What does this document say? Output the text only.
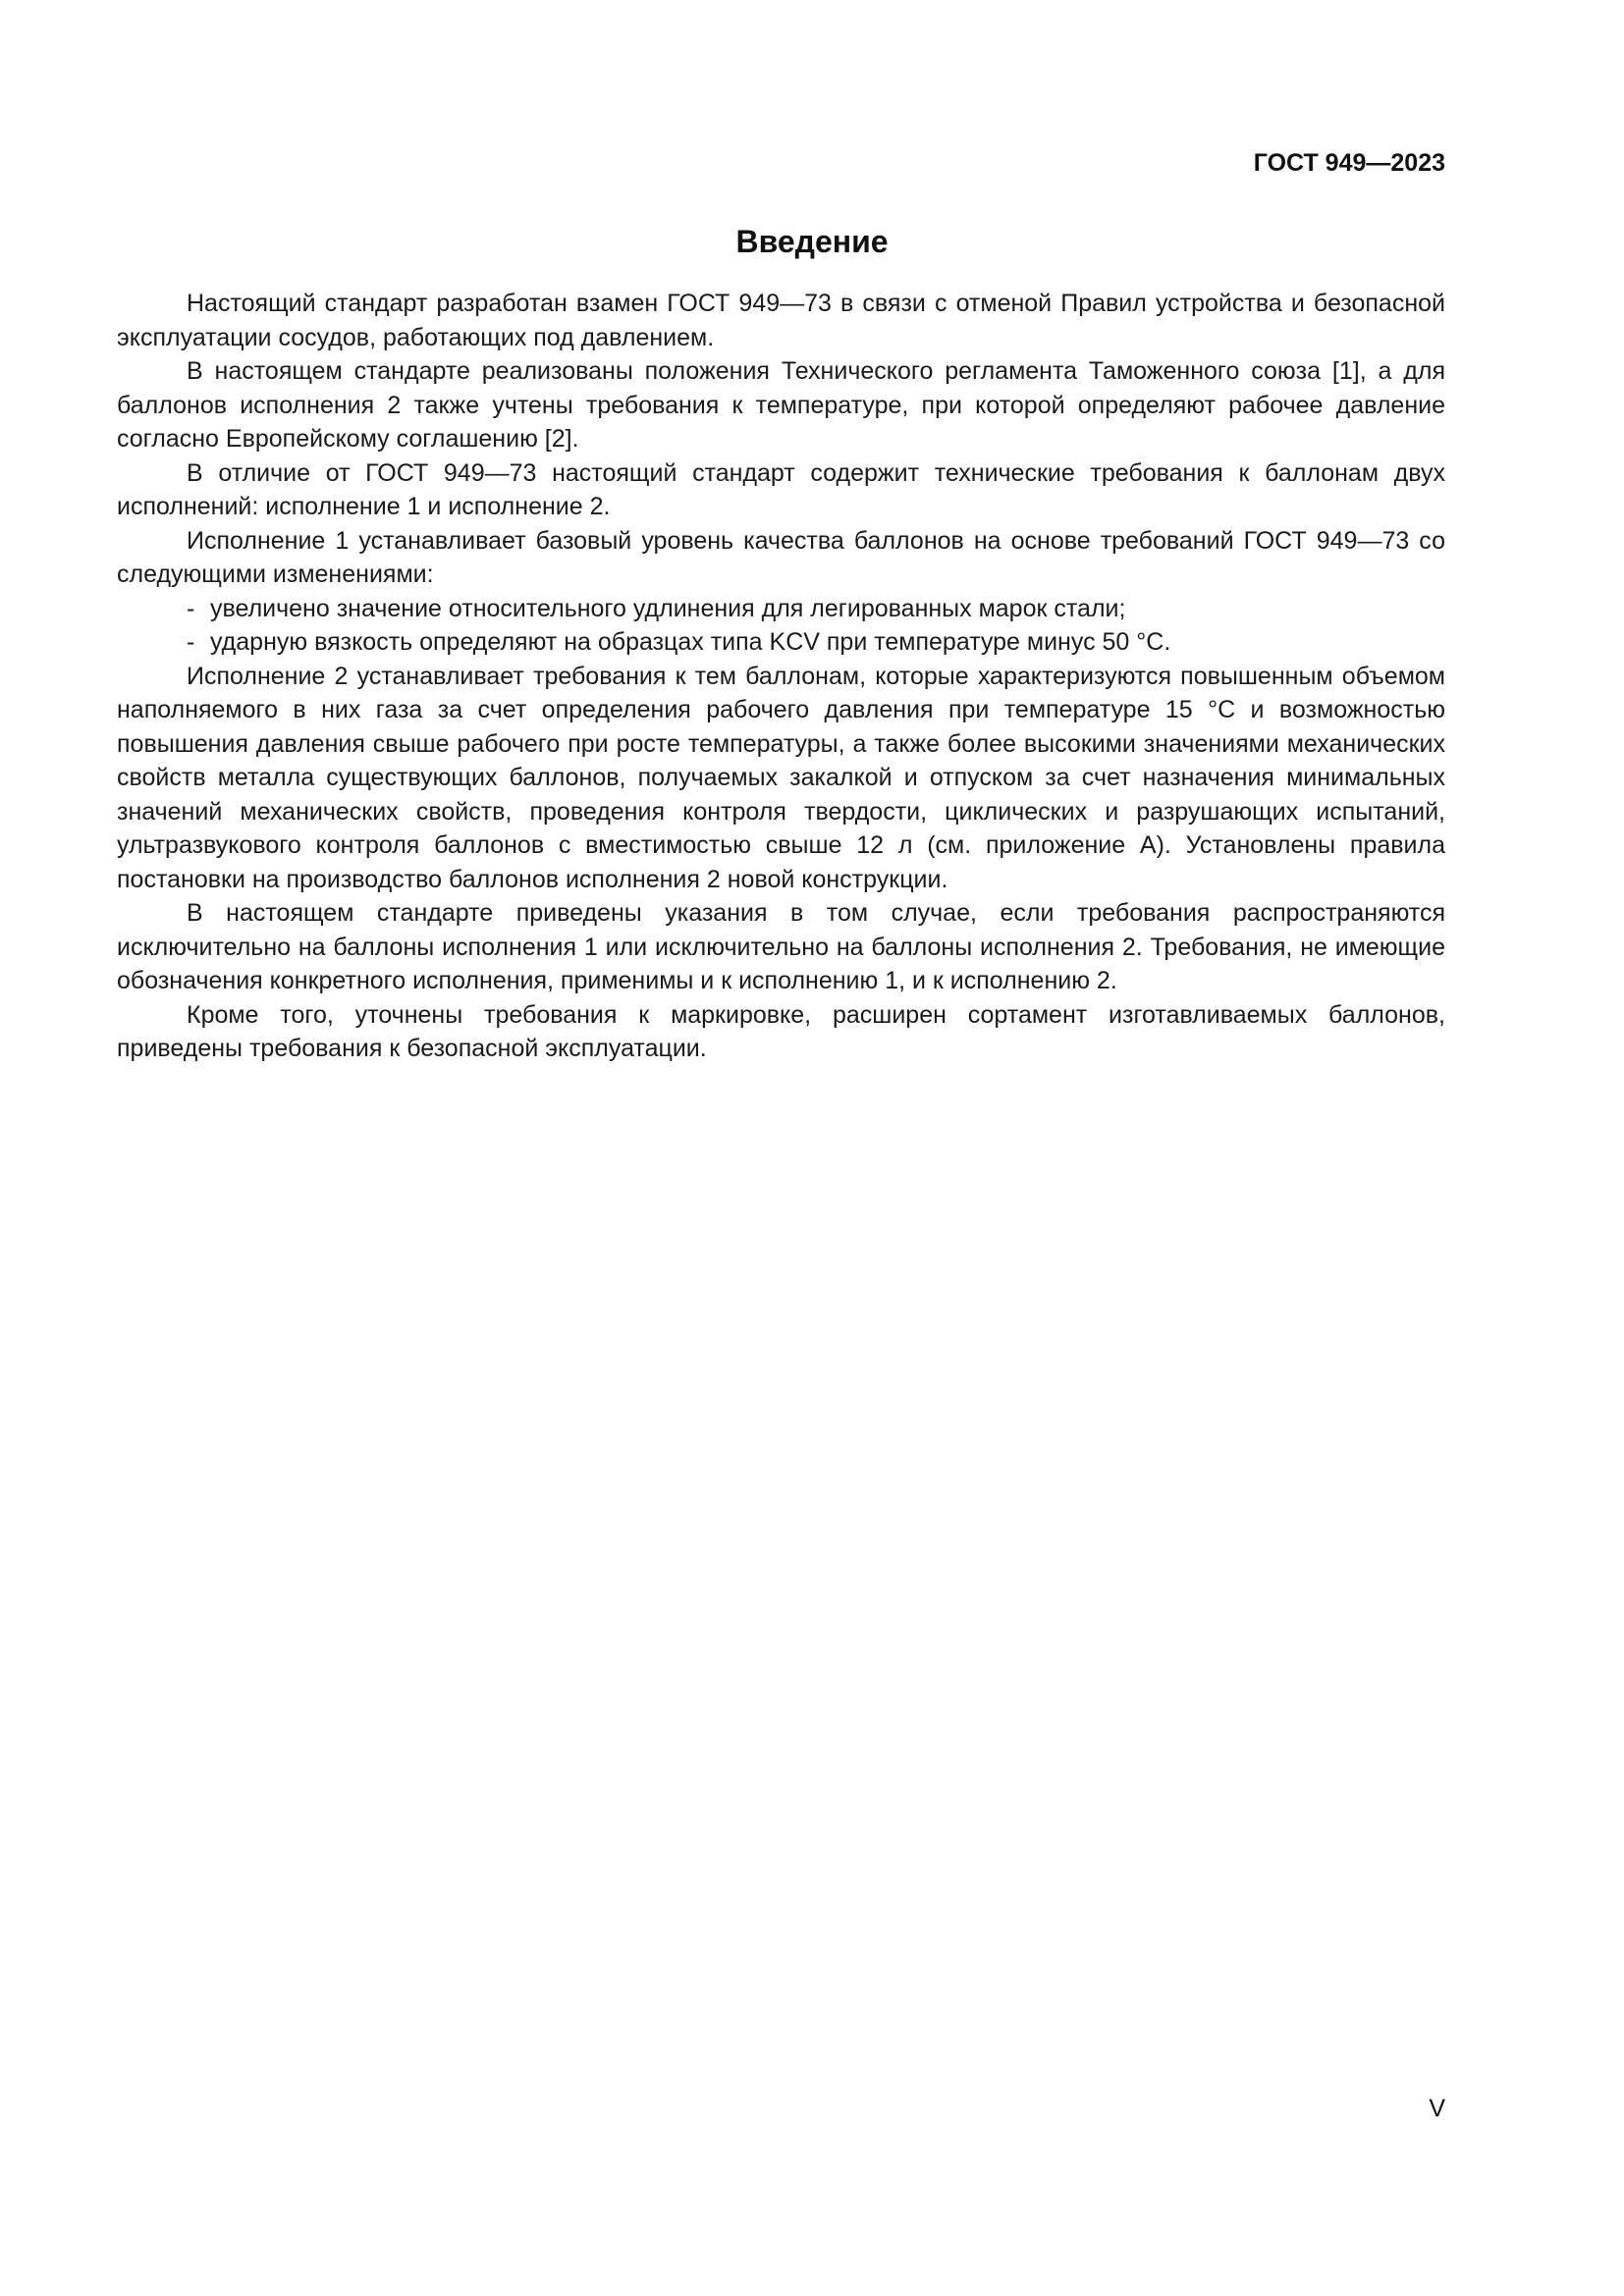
ГОСТ 949—2023
Введение

Настоящий стандарт разработан взамен ГОСТ 949—73 в связи с отменой Правил устройства и безопасной эксплуатации сосудов, работающих под давлением.

В настоящем стандарте реализованы положения Технического регламента Таможенного союза [1], а для баллонов исполнения 2 также учтены требования к температуре, при которой определяют рабочее давление согласно Европейскому соглашению [2].

В отличие от ГОСТ 949—73 настоящий стандарт содержит технические требования к баллонам двух исполнений: исполнение 1 и исполнение 2.

Исполнение 1 устанавливает базовый уровень качества баллонов на основе требований ГОСТ 949—73 со следующими изменениями:

- увеличено значение относительного удлинения для легированных марок стали;
- ударную вязкость определяют на образцах типа KCV при температуре минус 50 °C.

Исполнение 2 устанавливает требования к тем баллонам, которые характеризуются повышенным объемом наполняемого в них газа за счет определения рабочего давления при температуре 15 °C и возможностью повышения давления свыше рабочего при росте температуры, а также более высокими значениями механических свойств металла существующих баллонов, получаемых закалкой и отпуском за счет назначения минимальных значений механических свойств, проведения контроля твердости, циклических и разрушающих испытаний, ультразвукового контроля баллонов с вместимостью свыше 12 л (см. приложение А). Установлены правила постановки на производство баллонов исполнения 2 новой конструкции.

В настоящем стандарте приведены указания в том случае, если требования распространяются исключительно на баллоны исполнения 1 или исключительно на баллоны исполнения 2. Требования, не имеющие обозначения конкретного исполнения, применимы и к исполнению 1, и к исполнению 2.

Кроме того, уточнены требования к маркировке, расширен сортамент изготавливаемых баллонов, приведены требования к безопасной эксплуатации.

V
